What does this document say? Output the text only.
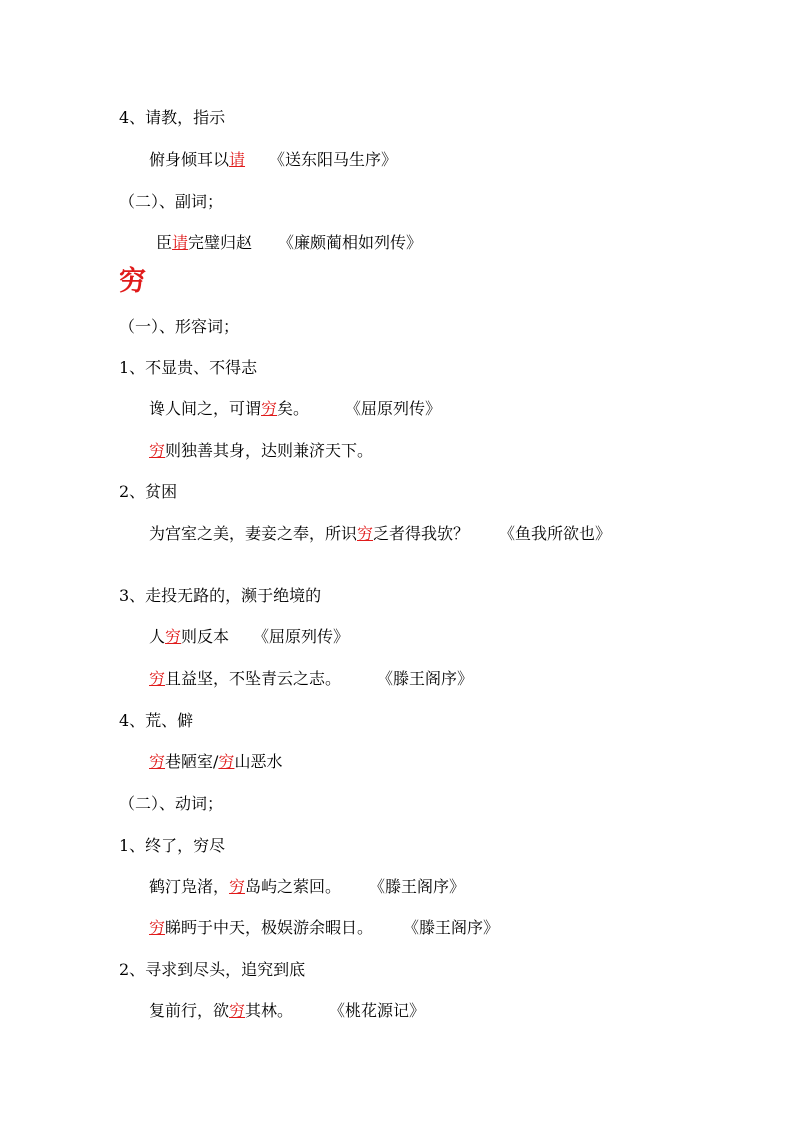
4、请教，指示
俯身倾耳以请 《送东阳马生序》
（二）、副词；
臣请完璧归赵 《廉颇蔺相如列传》
穷
（一）、形容词；
1、不显贵、不得志
谗人间之，可谓穷矣。 《屈原列传》
穷则独善其身，达则兼济天下。
2、贫困
为宫室之美，妻妾之奉，所识穷乏者得我欤？ 《鱼我所欲也》
3、走投无路的，濒于绝境的
人穷则反本 《屈原列传》
穷且益坚，不坠青云之志。 《滕王阁序》
4、荒、僻
穷巷陋室/穷山恶水
（二）、动词；
1、终了，穷尽
鹤汀凫渚，穷岛屿之萦回。 《滕王阁序》
穷睇眄于中天，极娱游余暇日。 《滕王阁序》
2、寻求到尽头，追究到底
复前行，欲穷其林。 《桃花源记》
